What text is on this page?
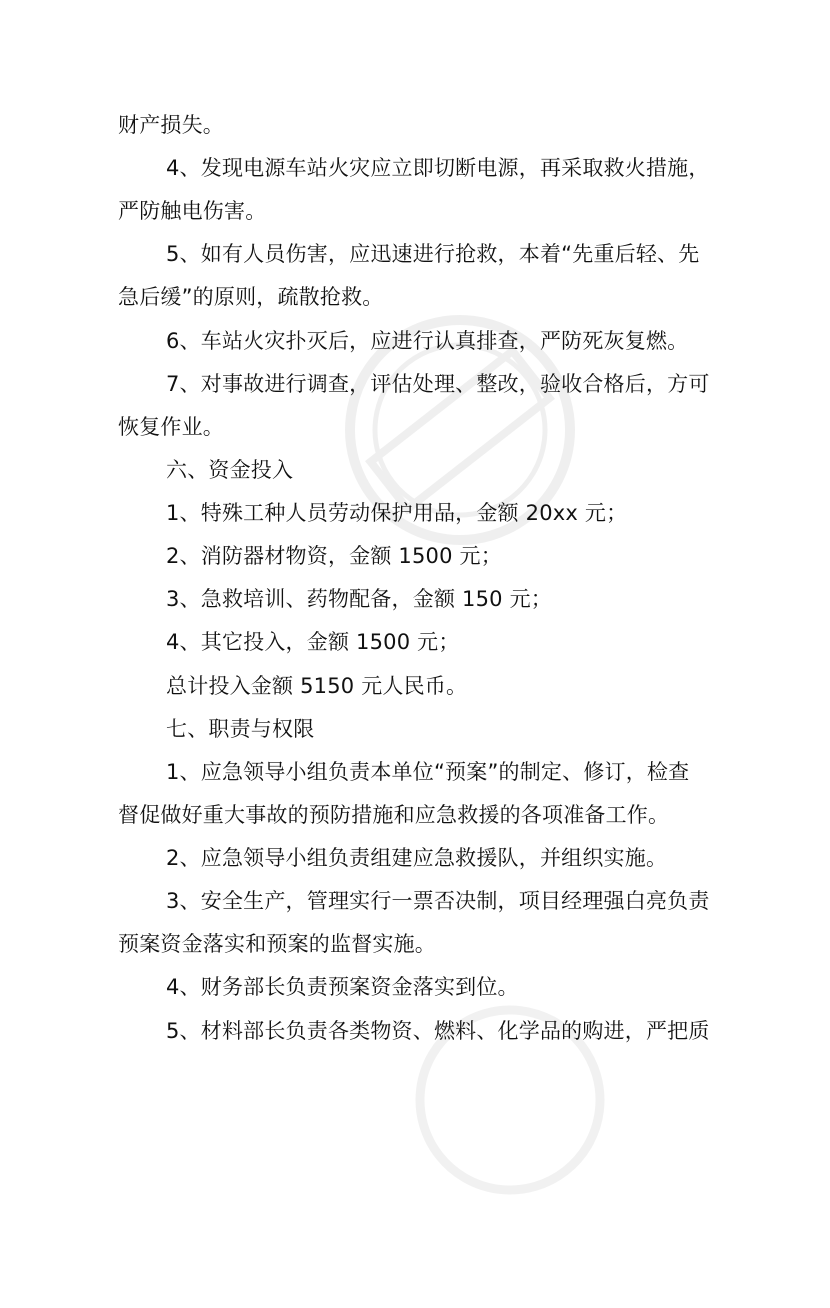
财产损失。
4、发现电源车站火灾应立即切断电源，再采取救火措施，
严防触电伤害。
5、如有人员伤害，应迅速进行抢救，本着“先重后轻、先
急后缓”的原则，疏散抢救。
6、车站火灾扑灭后，应进行认真排查，严防死灰复燃。
7、对事故进行调查，评估处理、整改，验收合格后，方可
恢复作业。
六、资金投入
1、特殊工种人员劳动保护用品，金额 20xx 元；
2、消防器材物资，金额 1500 元；
3、急救培训、药物配备，金额 150 元；
4、其它投入，金额 1500 元；
总计投入金额 5150 元人民币。
七、职责与权限
1、应急领导小组负责本单位“预案”的制定、修订，检查
督促做好重大事故的预防措施和应急救援的各项准备工作。
2、应急领导小组负责组建应急救援队，并组织实施。
3、安全生产，管理实行一票否决制，项目经理强白亮负责
预案资金落实和预案的监督实施。
4、财务部长负责预案资金落实到位。
5、材料部长负责各类物资、燃料、化学品的购进，严把质
